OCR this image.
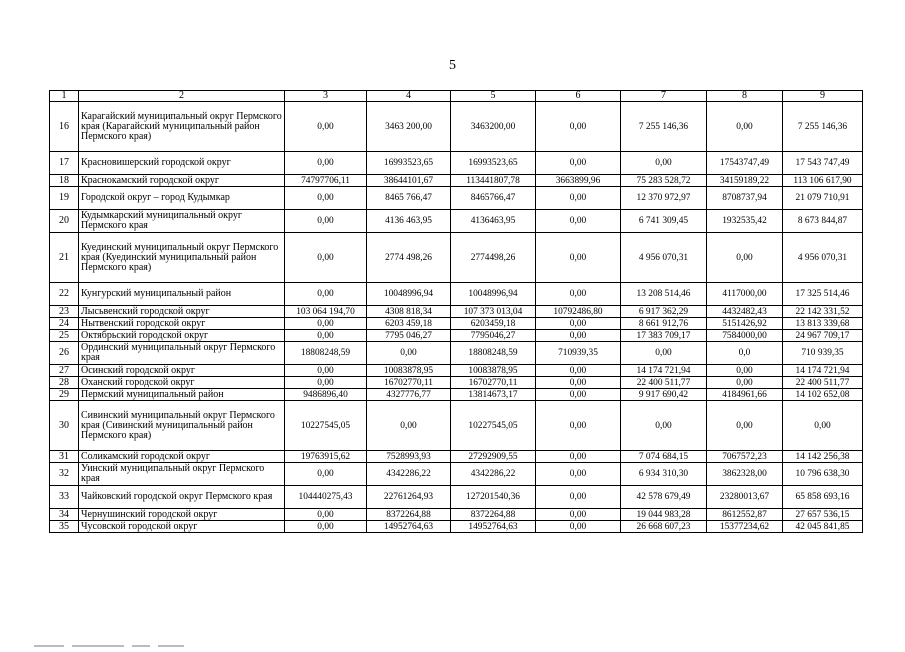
5
1	2	3	4	5	6	7	8	9
16	Карагайский муниципальный округ Пермского края (Карагайский муниципальный район Пермского края)	0,00	3463 200,00	3463200,00	0,00	7 255 146,36	0,00	7 255 146,36
17	Красновишерский городской округ	0,00	16993523,65	16993523,65	0,00	0,00	17543747,49	17 543 747,49
18	Краснокамский городской округ	74797706,11	38644101,67	113441807,78	3663899,96	75 283 528,72	34159189,22	113 106 617,90
19	Городской округ – город Кудымкар	0,00	8465 766,47	8465766,47	0,00	12 370 972,97	8708737,94	21 079 710,91
20	Кудымкарский муниципальный округ Пермского края	0,00	4136 463,95	4136463,95	0,00	6 741 309,45	1932535,42	8 673 844,87
21	Куединский муниципальный округ Пермского края (Куединский муниципальный район Пермского края)	0,00	2774 498,26	2774498,26	0,00	4 956 070,31	0,00	4 956 070,31
22	Кунгурский муниципальный район	0,00	10048996,94	10048996,94	0,00	13 208 514,46	4117000,00	17 325 514,46
23	Лысьвенский городской округ	103 064 194,70	4308 818,34	107 373 013,04	10792486,80	6 917 362,29	4432482,43	22 142 331,52
24	Нытвенский городской округ	0,00	6203 459,18	6203459,18	0,00	8 661 912,76	5151426,92	13 813 339,68
25	Октябрьский городской округ	0,00	7795 046,27	7795046,27	0,00	17 383 709,17	7584000,00	24 967 709,17
26	Ординский муниципальный округ Пермского края	18808248,59	0,00	18808248,59	710939,35	0,00	0,0	710 939,35
27	Осинский городской округ	0,00	10083878,95	10083878,95	0,00	14 174 721,94	0,00	14 174 721,94
28	Оханский городской округ	0,00	16702770,11	16702770,11	0,00	22 400 511,77	0,00	22 400 511,77
29	Пермский муниципальный район	9486896,40	4327776,77	13814673,17	0,00	9 917 690,42	4184961,66	14 102 652,08
30	Сивинский муниципальный округ Пермского края (Сивинский муниципальный район Пермского края)	10227545,05	0,00	10227545,05	0,00	0,00	0,00	0,00
31	Соликамский городской округ	19763915,62	7528993,93	27292909,55	0,00	7 074 684,15	7067572,23	14 142 256,38
32	Уинский муниципальный округ Пермского края	0,00	4342286,22	4342286,22	0,00	6 934 310,30	3862328,00	10 796 638,30
33	Чайковский городской округ Пермского края	104440275,43	22761264,93	127201540,36	0,00	42 578 679,49	23280013,67	65 858 693,16
34	Чернушинский городской округ	0,00	8372264,88	8372264,88	0,00	19 044 983,28	8612552,87	27 657 536,15
35	Чусовской городской округ	0,00	14952764,63	14952764,63	0,00	26 668 607,23	15377234,62	42 045 841,85
